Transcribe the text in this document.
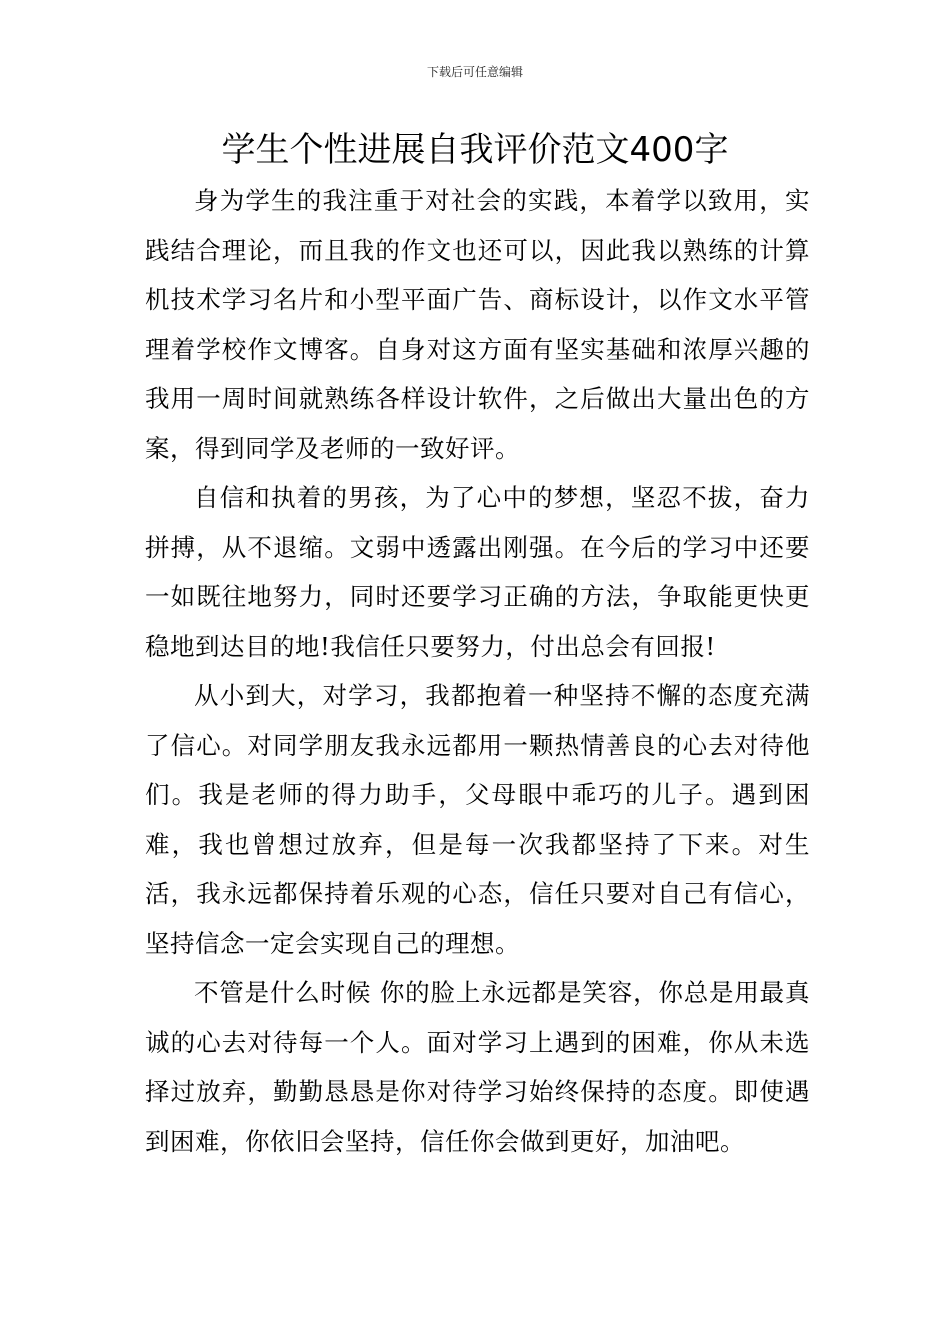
下载后可任意编辑
学生个性进展自我评价范文400字

身为学生的我注重于对社会的实践，本着学以致用，实践结合理论，而且我的作文也还可以，因此我以熟练的计算机技术学习名片和小型平面广告、商标设计，以作文水平管理着学校作文博客。自身对这方面有坚实基础和浓厚兴趣的我用一周时间就熟练各样设计软件，之后做出大量出色的方案，得到同学及老师的一致好评。

自信和执着的男孩，为了心中的梦想，坚忍不拔，奋力拼搏，从不退缩。文弱中透露出刚强。在今后的学习中还要一如既往地努力，同时还要学习正确的方法，争取能更快更稳地到达目的地!我信任只要努力，付出总会有回报!

从小到大，对学习，我都抱着一种坚持不懈的态度充满了信心。对同学朋友我永远都用一颗热情善良的心去对待他们。我是老师的得力助手，父母眼中乖巧的儿子。遇到困难，我也曾想过放弃，但是每一次我都坚持了下来。对生活，我永远都保持着乐观的心态，信任只要对自己有信心，坚持信念一定会实现自己的理想。

不管是什么时候 你的脸上永远都是笑容，你总是用最真诚的心去对待每一个人。面对学习上遇到的困难，你从未选择过放弃，勤勤恳恳是你对待学习始终保持的态度。即使遇到困难，你依旧会坚持，信任你会做到更好，加油吧。
